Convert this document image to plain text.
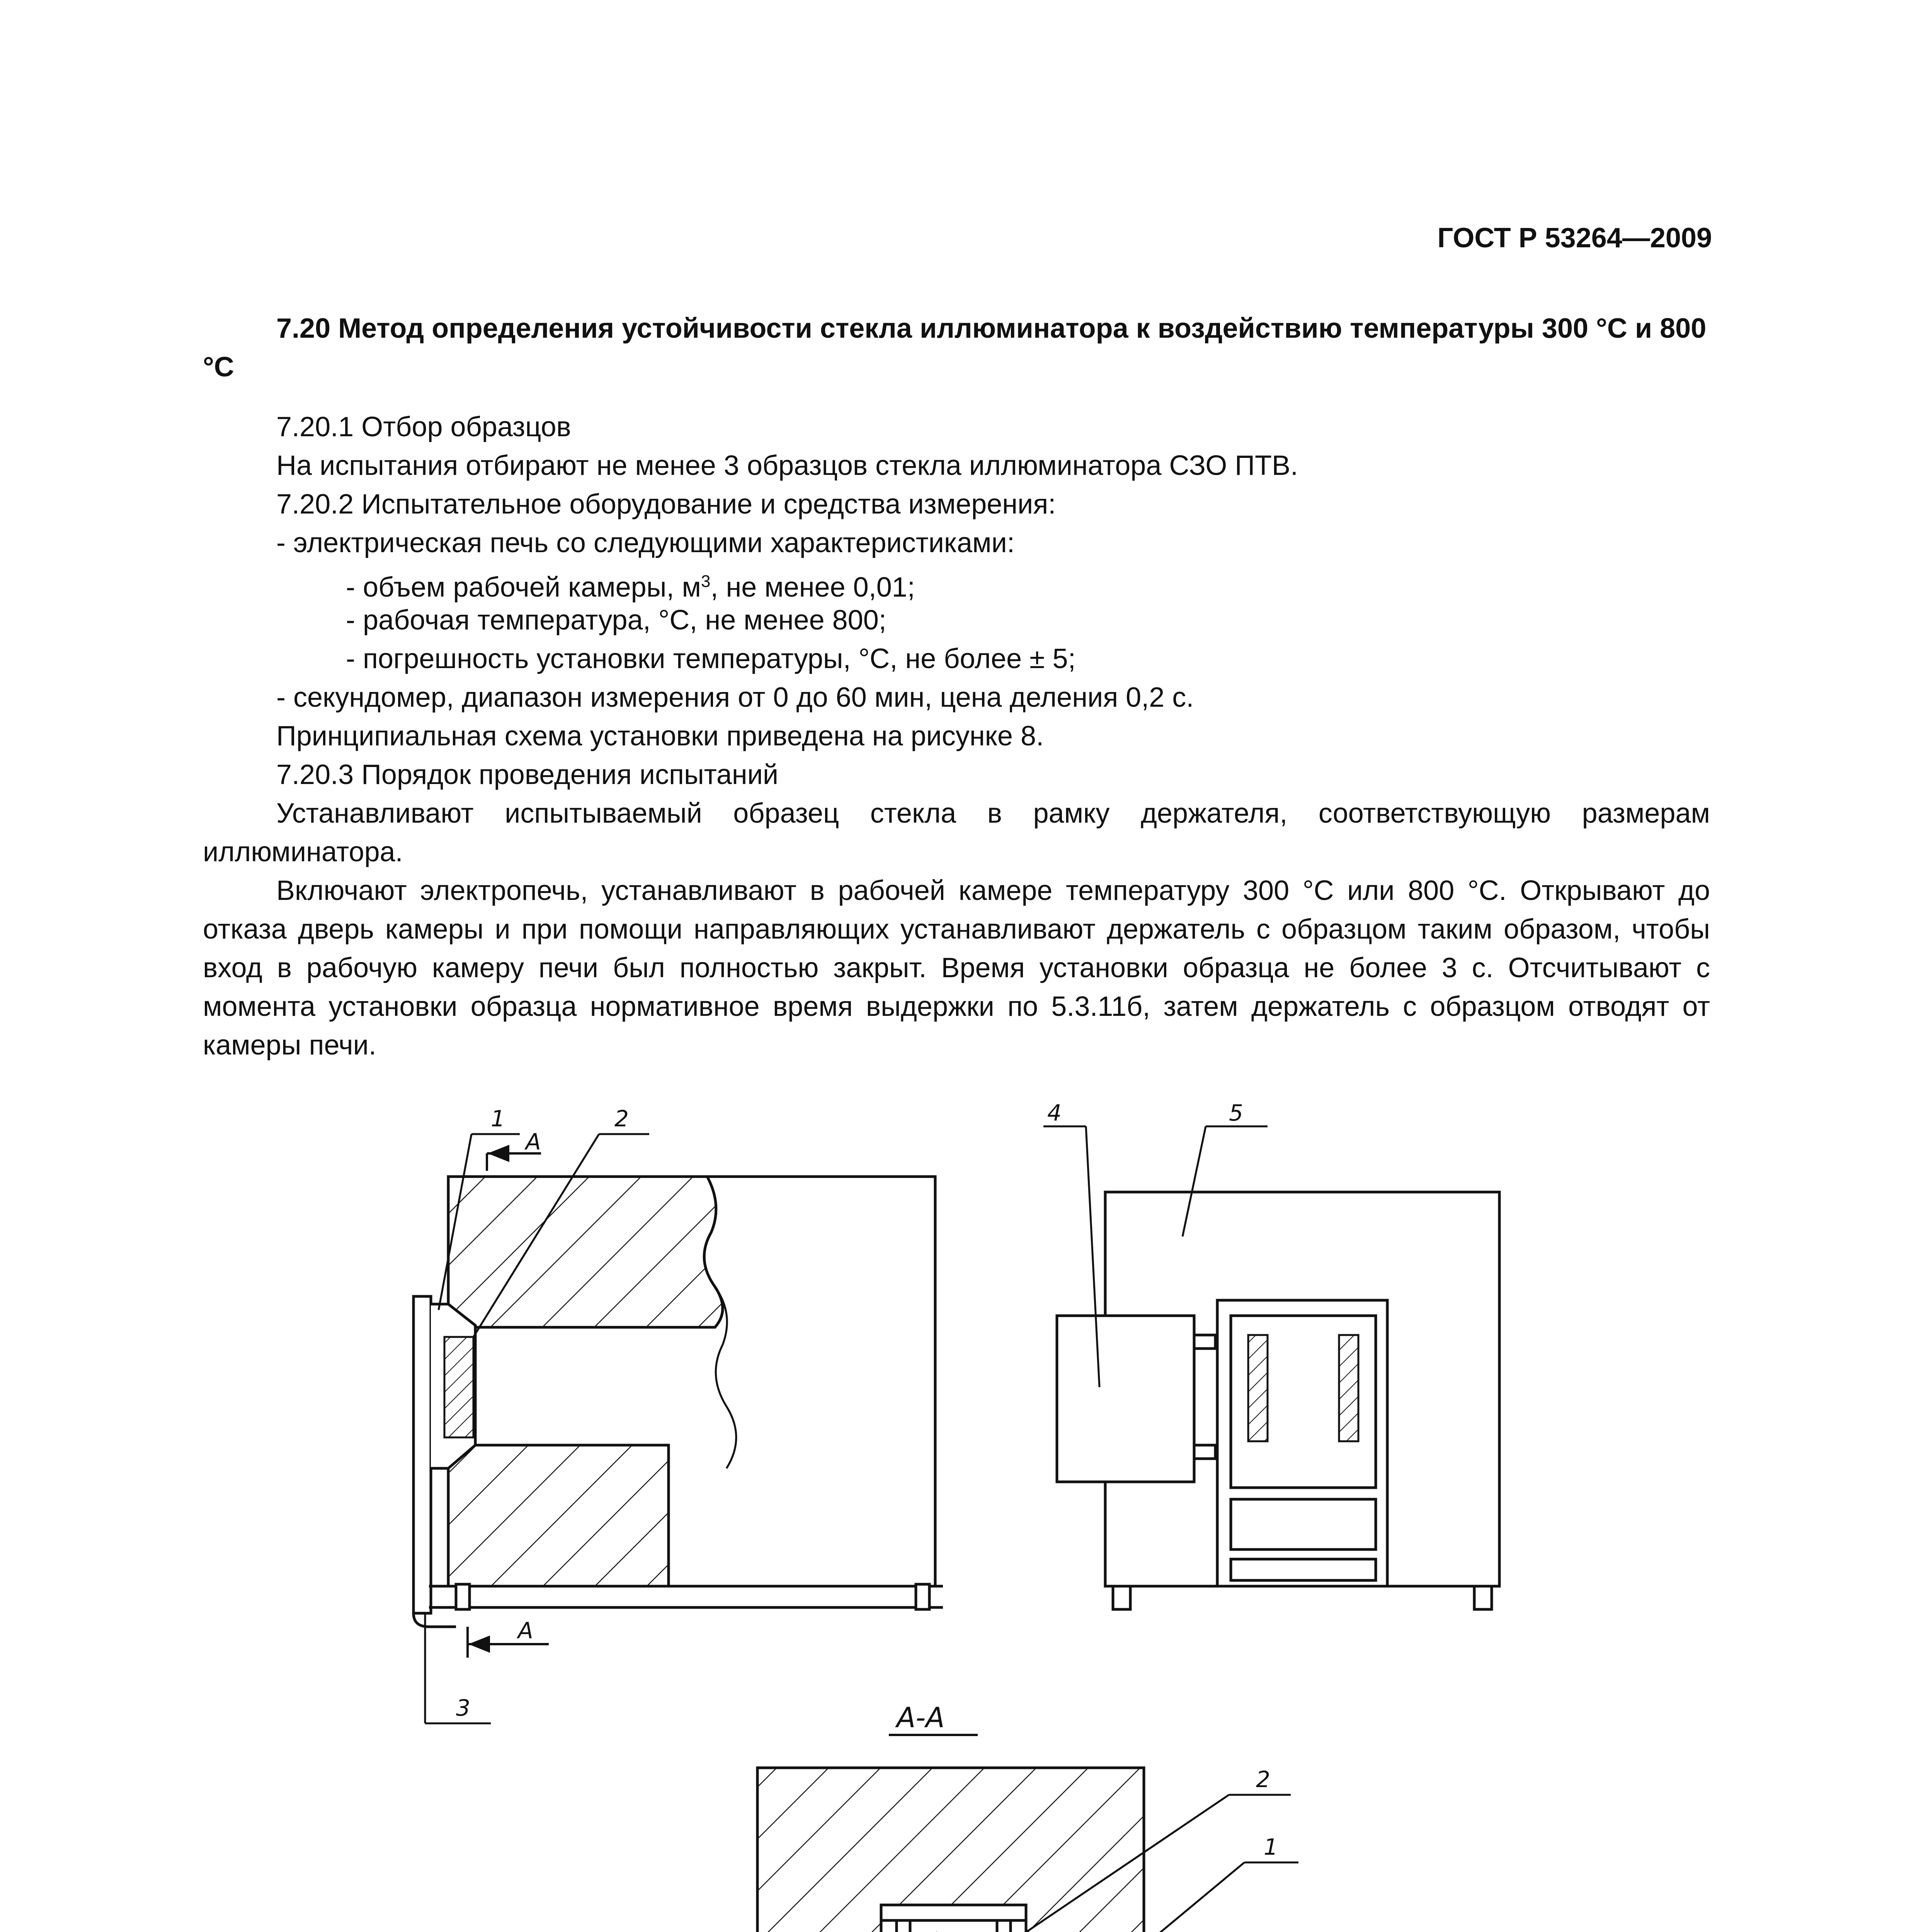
ГОСТ Р 53264—2009
7.20 Метод определения устойчивости стекла иллюминатора к воздействию температуры 300 °С и 800 °С
7.20.1 Отбор образцов
На испытания отбирают не менее 3 образцов стекла иллюминатора СЗО ПТВ.
7.20.2 Испытательное оборудование и средства измерения:
- электрическая печь со следующими характеристиками:
- объем рабочей камеры, $м^3$, не менее 0,01;
- рабочая температура, °С, не менее 800;
- погрешность установки температуры, °С, не более ± 5;
- секундомер, диапазон измерения от 0 до 60 мин, цена деления 0,2 с.
Принципиальная схема установки приведена на рисунке 8.
7.20.3 Порядок проведения испытаний
Устанавливают испытываемый образец стекла в рамку держателя, соответствующую размерам иллюминатора.
Включают электропечь, устанавливают в рабочей камере температуру 300 °С или 800 °С. Открывают до отказа дверь камеры и при помощи направляющих устанавливают держатель с образцом таким образом, чтобы вход в рабочую камеру печи был полностью закрыт. Время установки образца не более 3 с. Отсчитывают с момента установки образца нормативное время выдержки по 5.3.11б, затем держатель с образцом отводят от камеры печи.
А
А
1	2
3
4	5
А-А
2
1
